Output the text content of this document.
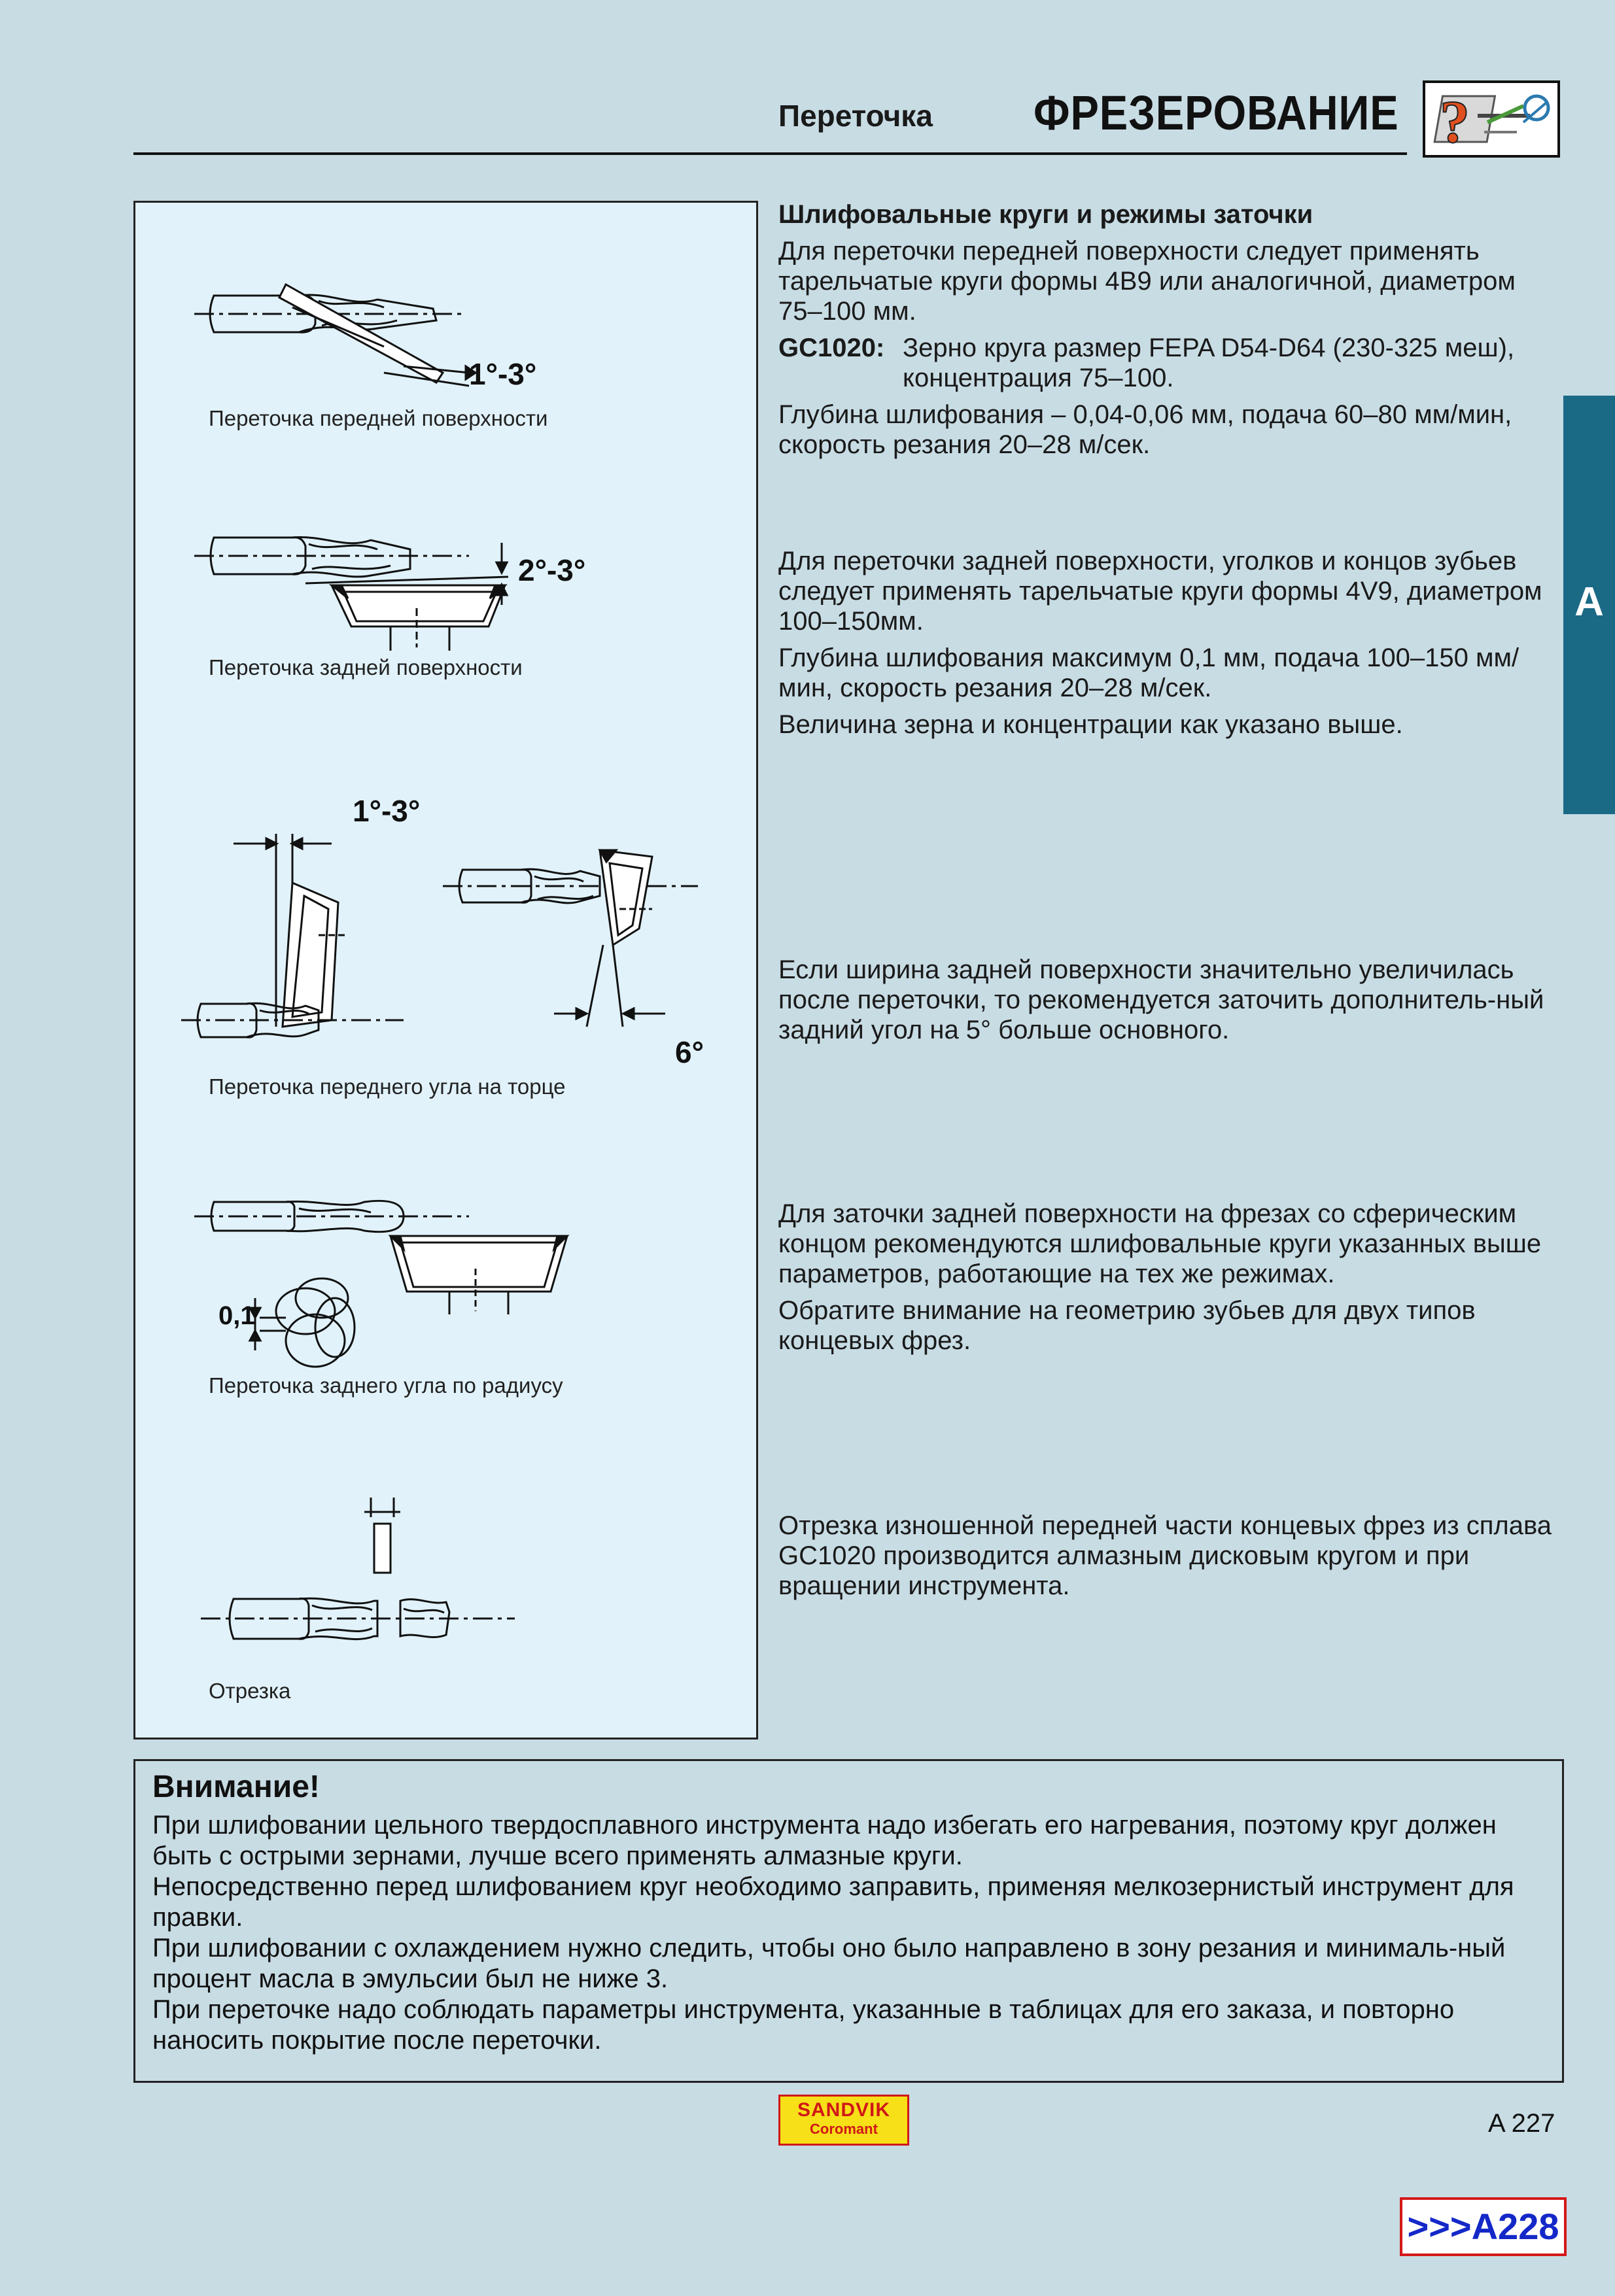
Переточка ФРЕЗЕРОВАНИЕ ?
A
1°-3°
Переточка передней поверхности
2°-3°
Переточка задней поверхности
1°-3°
6°
Переточка переднего угла на торце
0,1
Переточка заднего угла по радиусу
Отрезка

Шлифовальные круги и режимы заточки

Для переточки передней поверхности следует применять тарельчатые круги формы 4B9 или аналогичной, диаметром 75–100 мм.

GC1020: Зерно круга размер FEPA D54-D64 (230-325 меш), концентрация 75–100.

Глубина шлифования – 0,04-0,06 мм, подача 60–80 мм/мин, скорость резания 20–28 м/сек.

Для переточки задней поверхности, уголков и концов зубьев следует применять тарельчатые круги формы 4V9, диаметром 100–150мм.

Глубина шлифования максимум 0,1 мм, подача 100–150 мм/мин, скорость резания 20–28 м/сек.

Величина зерна и концентрации как указано выше.

Если ширина задней поверхности значительно увеличилась после переточки, то рекомендуется заточить дополнитель-ный задний угол на 5° больше основного.

Для заточки задней поверхности на фрезах со сферическим концом рекомендуются шлифовальные круги указанных выше параметров, работающие на тех же режимах.

Обратите внимание на геометрию зубьев для двух типов концевых фрез.

Отрезка изношенной передней части концевых фрез из сплава GC1020 производится алмазным дисковым кругом и при вращении инструмента.

Внимание!

При шлифовании цельного твердосплавного инструмента надо избегать его нагревания, поэтому круг должен быть с острыми зернами, лучше всего применять алмазные круги.

Непосредственно перед шлифованием круг необходимо заправить, применяя мелкозернистый инструмент для правки.

При шлифовании с охлаждением нужно следить, чтобы оно было направлено в зону резания и минималь-ный процент масла в эмульсии был не ниже 3.

При переточке надо соблюдать параметры инструмента, указанные в таблицах для его заказа, и повторно наносить покрытие после переточки.

SANDVIK
Coromant	A 227
>>>A228
